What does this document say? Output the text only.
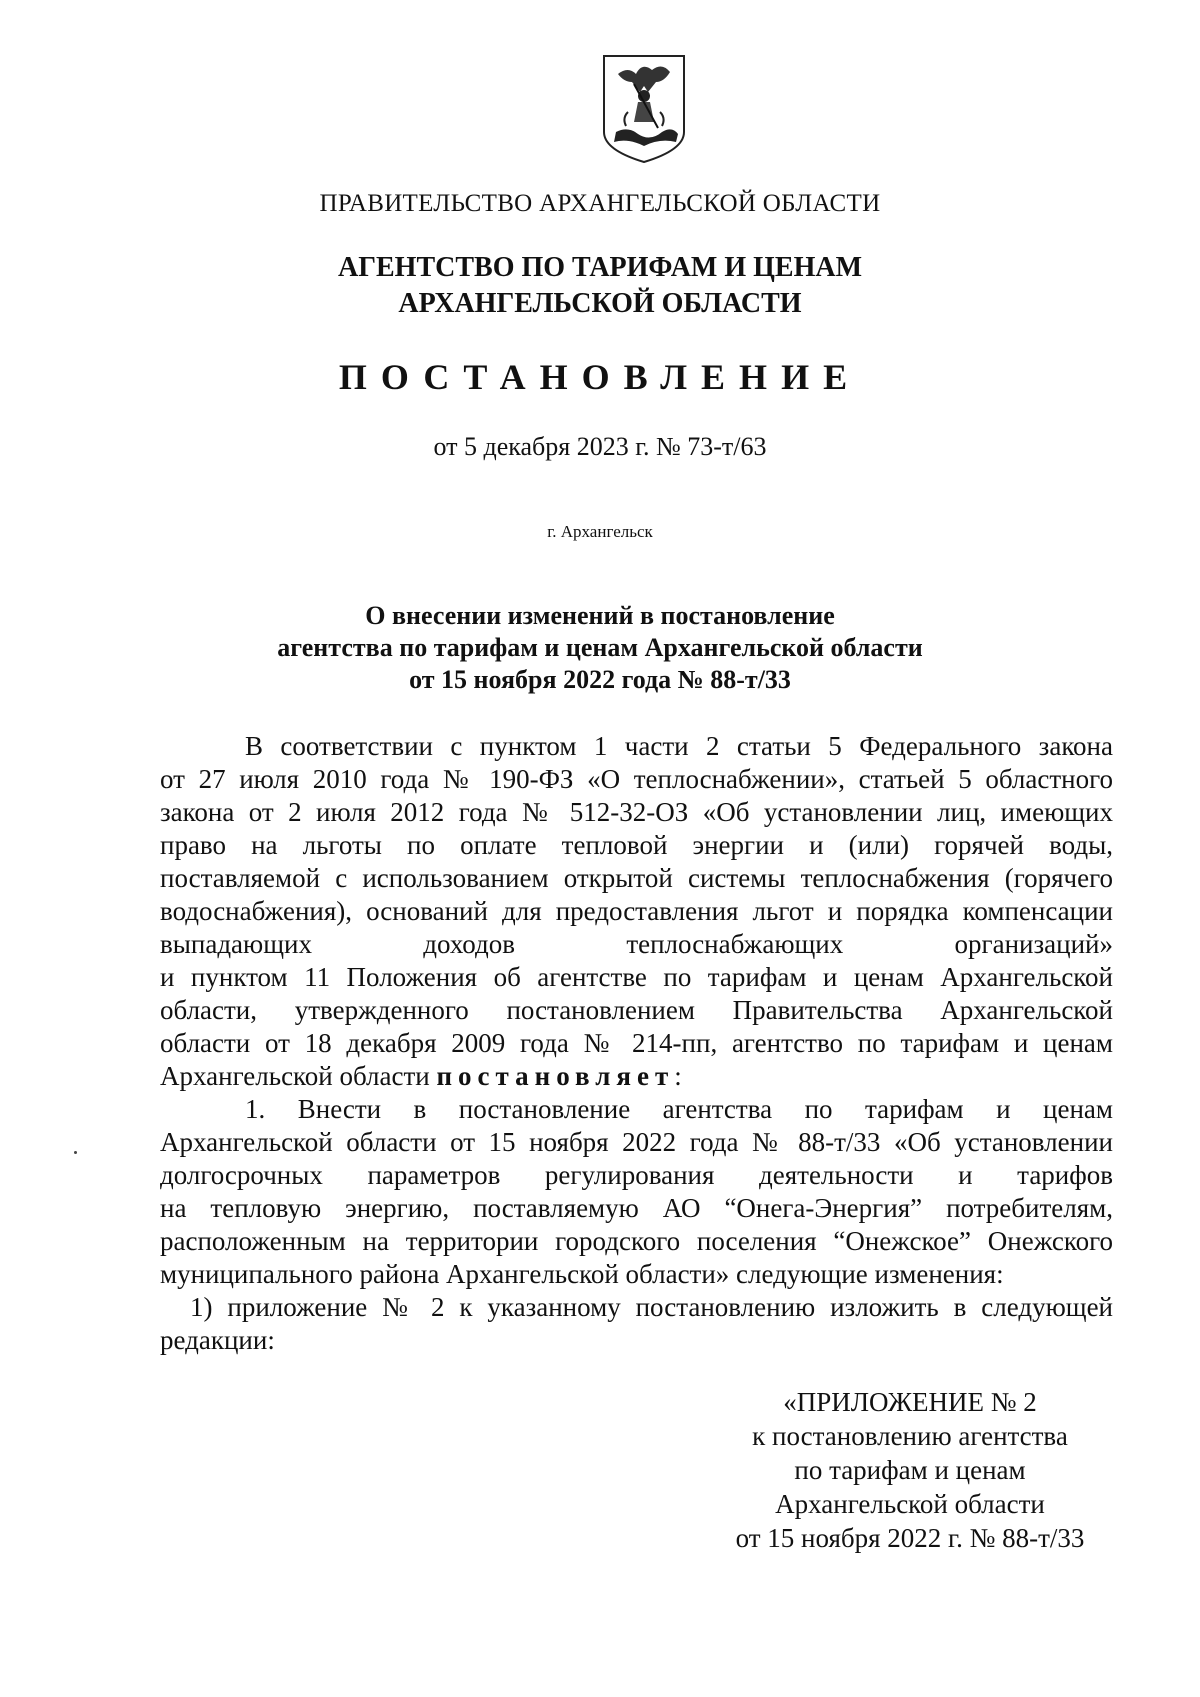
ПРАВИТЕЛЬСТВО АРХАНГЕЛЬСКОЙ ОБЛАСТИ
АГЕНТСТВО ПО ТАРИФАМ И ЦЕНАМ
АРХАНГЕЛЬСКОЙ ОБЛАСТИ
ПОСТАНОВЛЕНИЕ
от 5 декабря 2023 г. № 73-т/63
г. Архангельск
О внесении изменений в постановление
агентства по тарифам и ценам Архангельской области
от 15 ноября 2022 года № 88-т/33
В соответствии с пунктом 1 части 2 статьи 5 Федерального закона
от 27 июля 2010 года № 190-ФЗ «О теплоснабжении», статьей 5 областного
закона от 2 июля 2012 года № 512-32-ОЗ «Об установлении лиц, имеющих
право на льготы по оплате тепловой энергии и (или) горячей воды,
поставляемой с использованием открытой системы теплоснабжения (горячего
водоснабжения), оснований для предоставления льгот и порядка компенсации
выпадающих доходов теплоснабжающих организаций»
и пунктом 11 Положения об агентстве по тарифам и ценам Архангельской
области, утвержденного постановлением Правительства Архангельской
области от 18 декабря 2009 года № 214-пп, агентство по тарифам и ценам
Архангельской области постановляет:
1. Внести в постановление агентства по тарифам и ценам
Архангельской области от 15 ноября 2022 года № 88-т/33 «Об установлении
долгосрочных параметров регулирования деятельности и тарифов
на тепловую энергию, поставляемую АО “Онега-Энергия” потребителям,
расположенным на территории городского поселения “Онежское” Онежского
муниципального района Архангельской области» следующие изменения:
1) приложение № 2 к указанному постановлению изложить в следующей
редакции:
«ПРИЛОЖЕНИЕ № 2
к постановлению агентства
по тарифам и ценам
Архангельской области
от 15 ноября 2022 г. № 88-т/33
